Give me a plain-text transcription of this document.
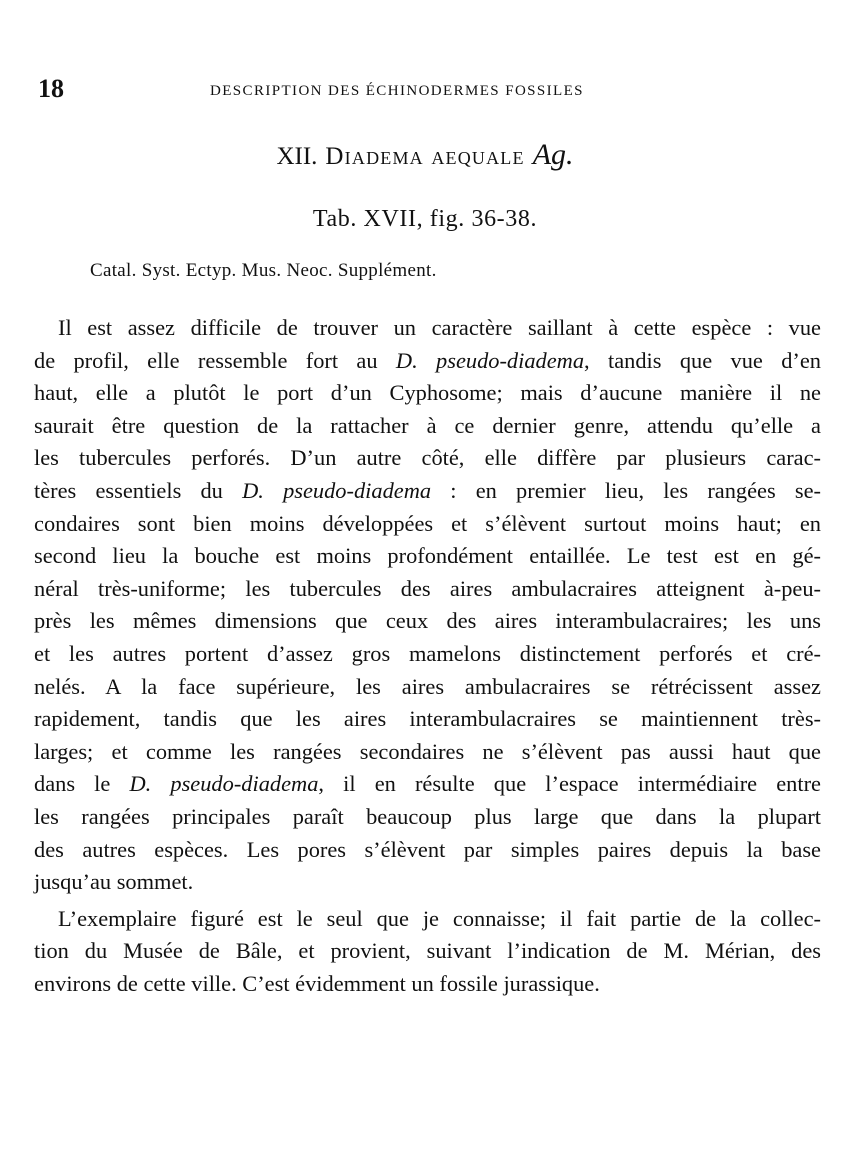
18	DESCRIPTION DES ÉCHINODERMES FOSSILES
XII. Diadema aequale Ag.
Tab. XVII, fig. 36-38.
Catal. Syst. Ectyp. Mus. Neoc. Supplément.
Il est assez difficile de trouver un caractère saillant à cette espèce : vue
de profil, elle ressemble fort au D. pseudo-diadema, tandis que vue d’en
haut, elle a plutôt le port d’un Cyphosome; mais d’aucune manière il ne
saurait être question de la rattacher à ce dernier genre, attendu qu’elle a
les tubercules perforés. D’un autre côté, elle diffère par plusieurs carac-
tères essentiels du D. pseudo-diadema : en premier lieu, les rangées se-
condaires sont bien moins développées et s’élèvent surtout moins haut; en
second lieu la bouche est moins profondément entaillée. Le test est en gé-
néral très-uniforme; les tubercules des aires ambulacraires atteignent à-peu-
près les mêmes dimensions que ceux des aires interambulacraires; les uns
et les autres portent d’assez gros mamelons distinctement perforés et cré-
nelés. A la face supérieure, les aires ambulacraires se rétrécissent assez
rapidement, tandis que les aires interambulacraires se maintiennent très-
larges; et comme les rangées secondaires ne s’élèvent pas aussi haut que
dans le D. pseudo-diadema, il en résulte que l’espace intermédiaire entre
les rangées principales paraît beaucoup plus large que dans la plupart
des autres espèces. Les pores s’élèvent par simples paires depuis la base
jusqu’au sommet.
L’exemplaire figuré est le seul que je connaisse; il fait partie de la collec-
tion du Musée de Bâle, et provient, suivant l’indication de M. Mérian, des
environs de cette ville. C’est évidemment un fossile jurassique.
